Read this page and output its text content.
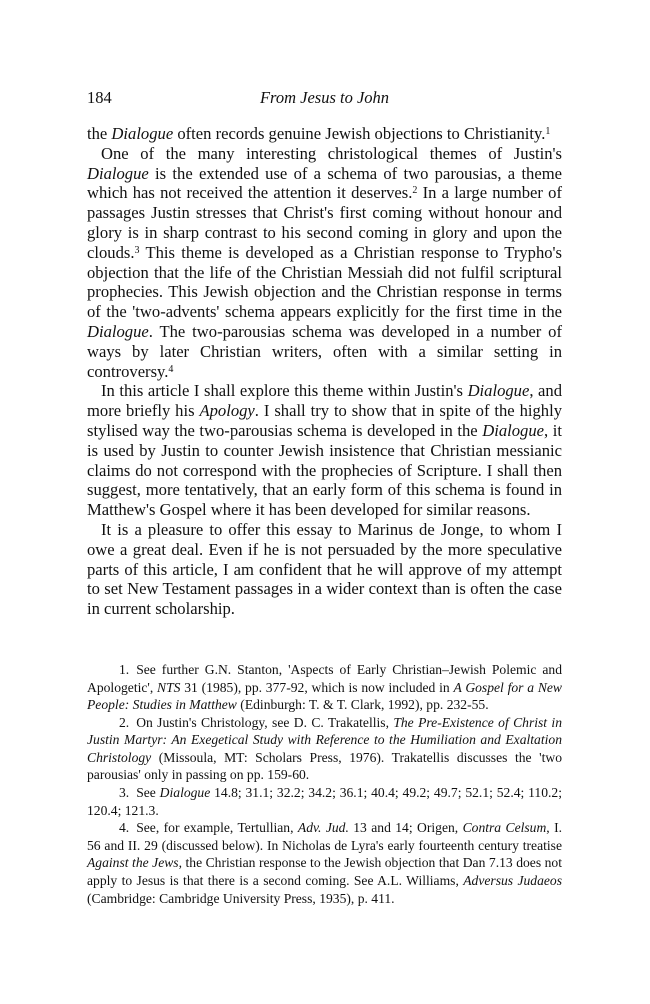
184	From Jesus to John

the Dialogue often records genuine Jewish objections to Christianity.$^1$

One of the many interesting christological themes of Justin's Dialogue is the extended use of a schema of two parousias, a theme which has not received the attention it deserves.$^2$ In a large number of passages Justin stresses that Christ's first coming without honour and glory is in sharp contrast to his second coming in glory and upon the clouds.$^3$ This theme is developed as a Christian response to Trypho's objection that the life of the Christian Messiah did not fulfil scriptural prophecies. This Jewish objection and the Christian response in terms of the 'two-advents' schema appears explicitly for the first time in the Dialogue. The two-parousias schema was developed in a number of ways by later Christian writers, often with a similar setting in controversy.$^4$

In this article I shall explore this theme within Justin's Dialogue, and more briefly his Apology. I shall try to show that in spite of the highly stylised way the two-parousias schema is developed in the Dialogue, it is used by Justin to counter Jewish insistence that Christian messianic claims do not correspond with the prophecies of Scripture. I shall then suggest, more tentatively, that an early form of this schema is found in Matthew's Gospel where it has been developed for similar reasons.

It is a pleasure to offer this essay to Marinus de Jonge, to whom I owe a great deal. Even if he is not persuaded by the more speculative parts of this article, I am confident that he will approve of my attempt to set New Testament passages in a wider context than is often the case in current scholarship.

1. See further G.N. Stanton, 'Aspects of Early Christian–Jewish Polemic and Apologetic', NTS 31 (1985), pp. 377-92, which is now included in A Gospel for a New People: Studies in Matthew (Edinburgh: T. & T. Clark, 1992), pp. 232-55.

2. On Justin's Christology, see D. C. Trakatellis, The Pre-Existence of Christ in Justin Martyr: An Exegetical Study with Reference to the Humiliation and Exaltation Christology (Missoula, MT: Scholars Press, 1976). Trakatellis discusses the 'two parousias' only in passing on pp. 159-60.

3. See Dialogue 14.8; 31.1; 32.2; 34.2; 36.1; 40.4; 49.2; 49.7; 52.1; 52.4; 110.2; 120.4; 121.3.

4. See, for example, Tertullian, Adv. Jud. 13 and 14; Origen, Contra Celsum, I. 56 and II. 29 (discussed below). In Nicholas de Lyra's early fourteenth century treatise Against the Jews, the Christian response to the Jewish objection that Dan 7.13 does not apply to Jesus is that there is a second coming. See A.L. Williams, Adversus Judaeos (Cambridge: Cambridge University Press, 1935), p. 411.
